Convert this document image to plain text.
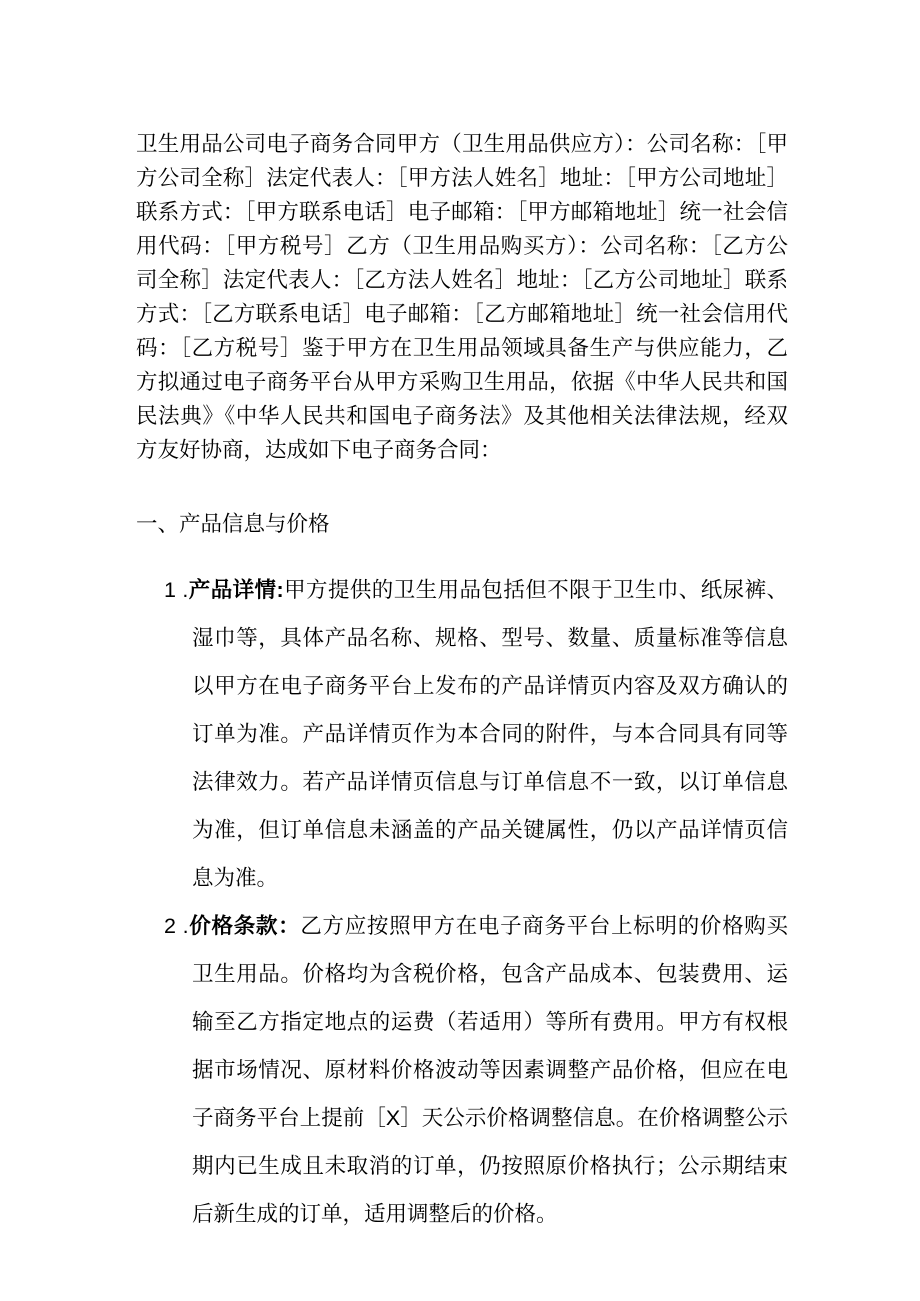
卫生用品公司电子商务合同甲方（卫生用品供应方）：公司名称：［甲方公司全称］法定代表人：［甲方法人姓名］地址：［甲方公司地址］联系方式：［甲方联系电话］电子邮箱：［甲方邮箱地址］统一社会信用代码：［甲方税号］乙方（卫生用品购买方）：公司名称：［乙方公司全称］法定代表人：［乙方法人姓名］地址：［乙方公司地址］联系方式：［乙方联系电话］电子邮箱：［乙方邮箱地址］统一社会信用代码：［乙方税号］鉴于甲方在卫生用品领域具备生产与供应能力，乙方拟通过电子商务平台从甲方采购卫生用品，依据《中华人民共和国民法典》《中华人民共和国电子商务法》及其他相关法律法规，经双方友好协商，达成如下电子商务合同：

一、产品信息与价格
1 .产品详情:甲方提供的卫生用品包括但不限于卫生巾、纸尿裤、湿巾等，具体产品名称、规格、型号、数量、质量标准等信息以甲方在电子商务平台上发布的产品详情页内容及双方确认的订单为准。产品详情页作为本合同的附件，与本合同具有同等法律效力。若产品详情页信息与订单信息不一致，以订单信息为准，但订单信息未涵盖的产品关键属性，仍以产品详情页信息为准。
2 .价格条款：乙方应按照甲方在电子商务平台上标明的价格购买卫生用品。价格均为含税价格，包含产品成本、包装费用、运输至乙方指定地点的运费（若适用）等所有费用。甲方有权根据市场情况、原材料价格波动等因素调整产品价格，但应在电子商务平台上提前［X］天公示价格调整信息。在价格调整公示期内已生成且未取消的订单，仍按照原价格执行；公示期结束后新生成的订单，适用调整后的价格。
